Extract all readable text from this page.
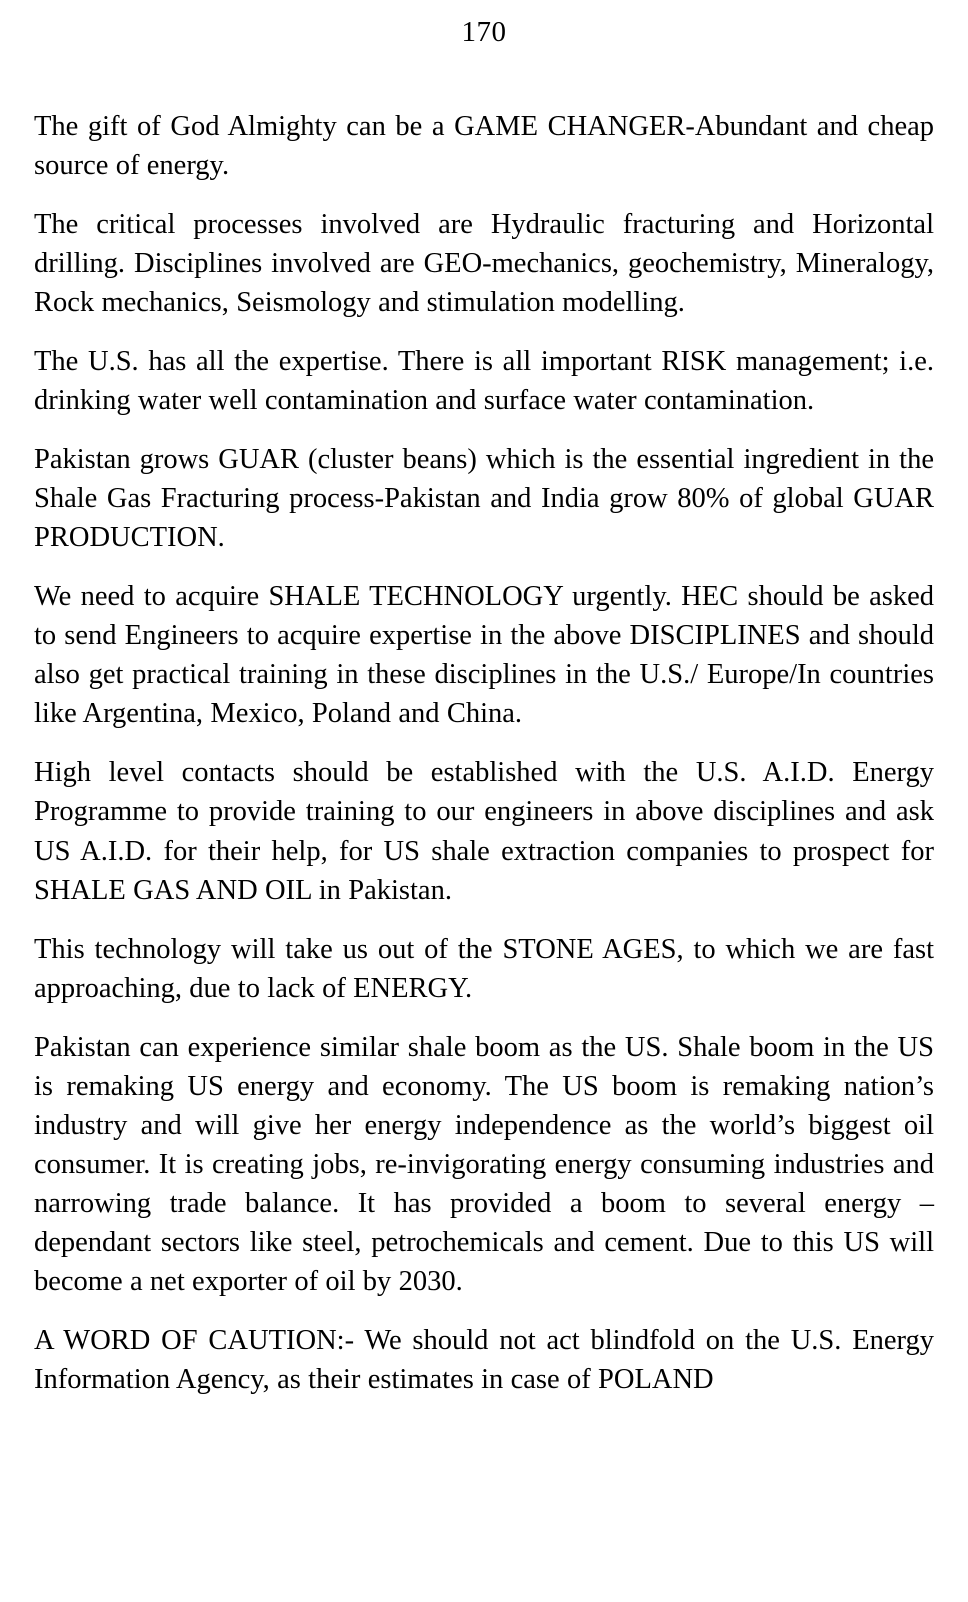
170

The gift of God Almighty can be a GAME CHANGER-Abundant and cheap source of energy.

The critical processes involved are Hydraulic fracturing and Horizontal drilling. Disciplines involved are GEO-mechanics, geochemistry, Mineralogy, Rock mechanics, Seismology and stimulation modelling.

The U.S. has all the expertise. There is all important RISK management; i.e. drinking water well contamination and surface water contamination.

Pakistan grows GUAR (cluster beans) which is the essential ingredient in the Shale Gas Fracturing process-Pakistan and India grow 80% of global GUAR PRODUCTION.

We need to acquire SHALE TECHNOLOGY urgently. HEC should be asked to send Engineers to acquire expertise in the above DISCIPLINES and should also get practical training in these disciplines in the U.S./ Europe/In countries like Argentina, Mexico, Poland and China.

High level contacts should be established with the U.S. A.I.D. Energy Programme to provide training to our engineers in above disciplines and ask US A.I.D. for their help, for US shale extraction companies to prospect for SHALE GAS AND OIL in Pakistan.

This technology will take us out of the STONE AGES, to which we are fast approaching, due to lack of ENERGY.

Pakistan can experience similar shale boom as the US. Shale boom in the US is remaking US energy and economy. The US boom is remaking nation’s industry and will give her energy independence as the world’s biggest oil consumer. It is creating jobs, re-invigorating energy consuming industries and narrowing trade balance. It has provided a boom to several energy – dependant sectors like steel, petrochemicals and cement. Due to this US will become a net exporter of oil by 2030.

A WORD OF CAUTION:- We should not act blindfold on the U.S. Energy Information Agency, as their estimates in case of POLAND
